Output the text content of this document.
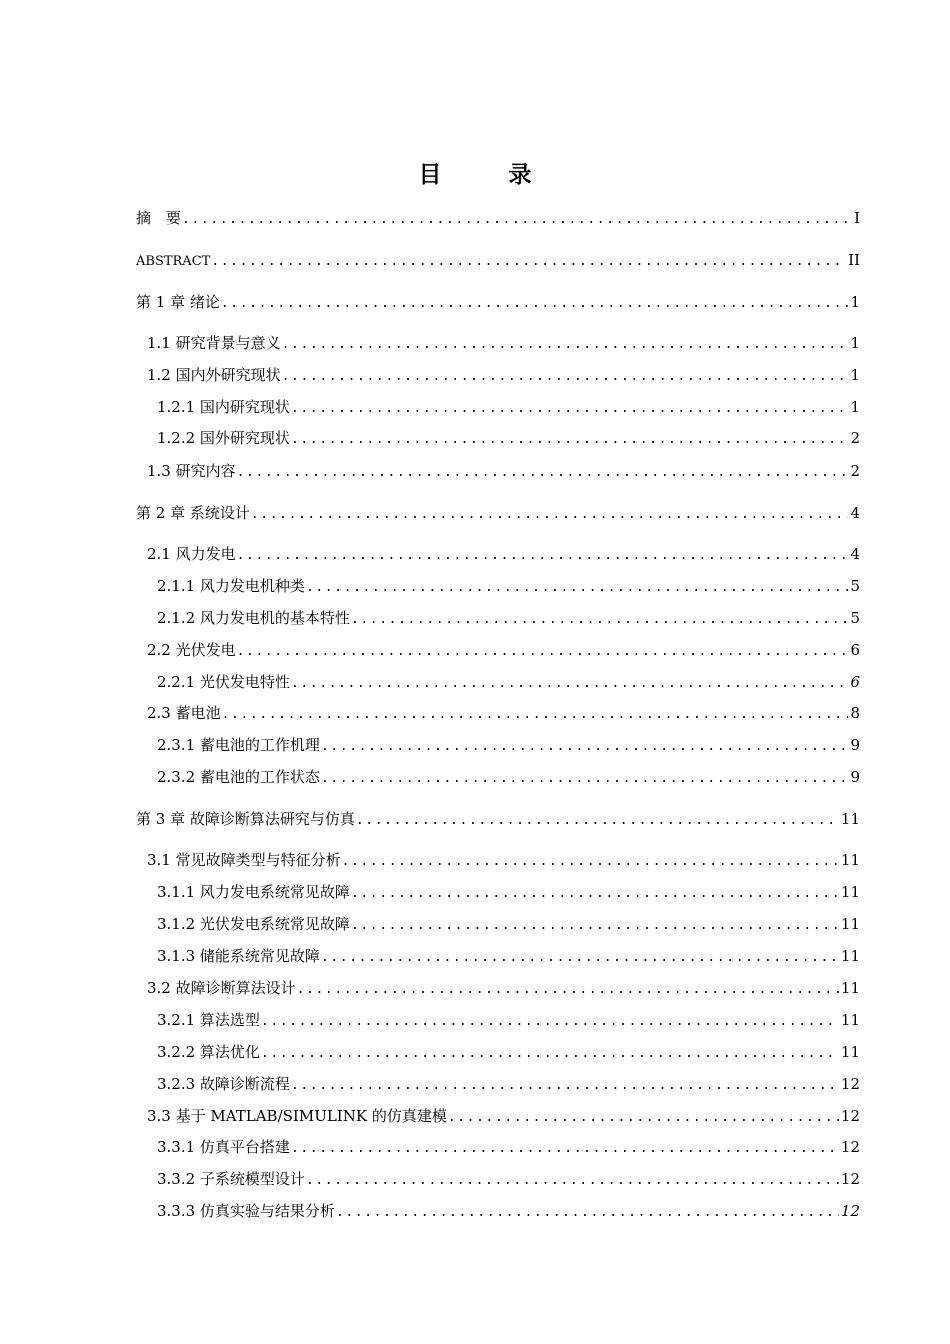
目　录
摘　要 .....	I
ABSTRACT .....	II
第 1 章 绪论 .....	1
1.1 研究背景与意义 .....	1
1.2 国内外研究现状 .....	1
1.2.1 国内研究现状 .....	1
1.2.2 国外研究现状 .....	2
1.3 研究内容 .....	2
第 2 章 系统设计 .....	4
2.1 风力发电 .....	4
2.1.1 风力发电机种类 .....	5
2.1.2 风力发电机的基本特性 .....	5
2.2 光伏发电 .....	6
2.2.1 光伏发电特性 .....	6
2.3 蓄电池 .....	8
2.3.1 蓄电池的工作机理 .....	9
2.3.2 蓄电池的工作状态 .....	9
第 3 章 故障诊断算法研究与仿真 .....	11
3.1 常见故障类型与特征分析 .....	11
3.1.1 风力发电系统常见故障 .....	11
3.1.2 光伏发电系统常见故障 .....	11
3.1.3 储能系统常见故障 .....	11
3.2 故障诊断算法设计 .....	11
3.2.1 算法选型 .....	11
3.2.2 算法优化 .....	11
3.2.3 故障诊断流程 .....	12
3.3 基于 MATLAB/SIMULINK 的仿真建模 .....	12
3.3.1 仿真平台搭建 .....	12
3.3.2 子系统模型设计 .....	12
3.3.3 仿真实验与结果分析 .....	12
